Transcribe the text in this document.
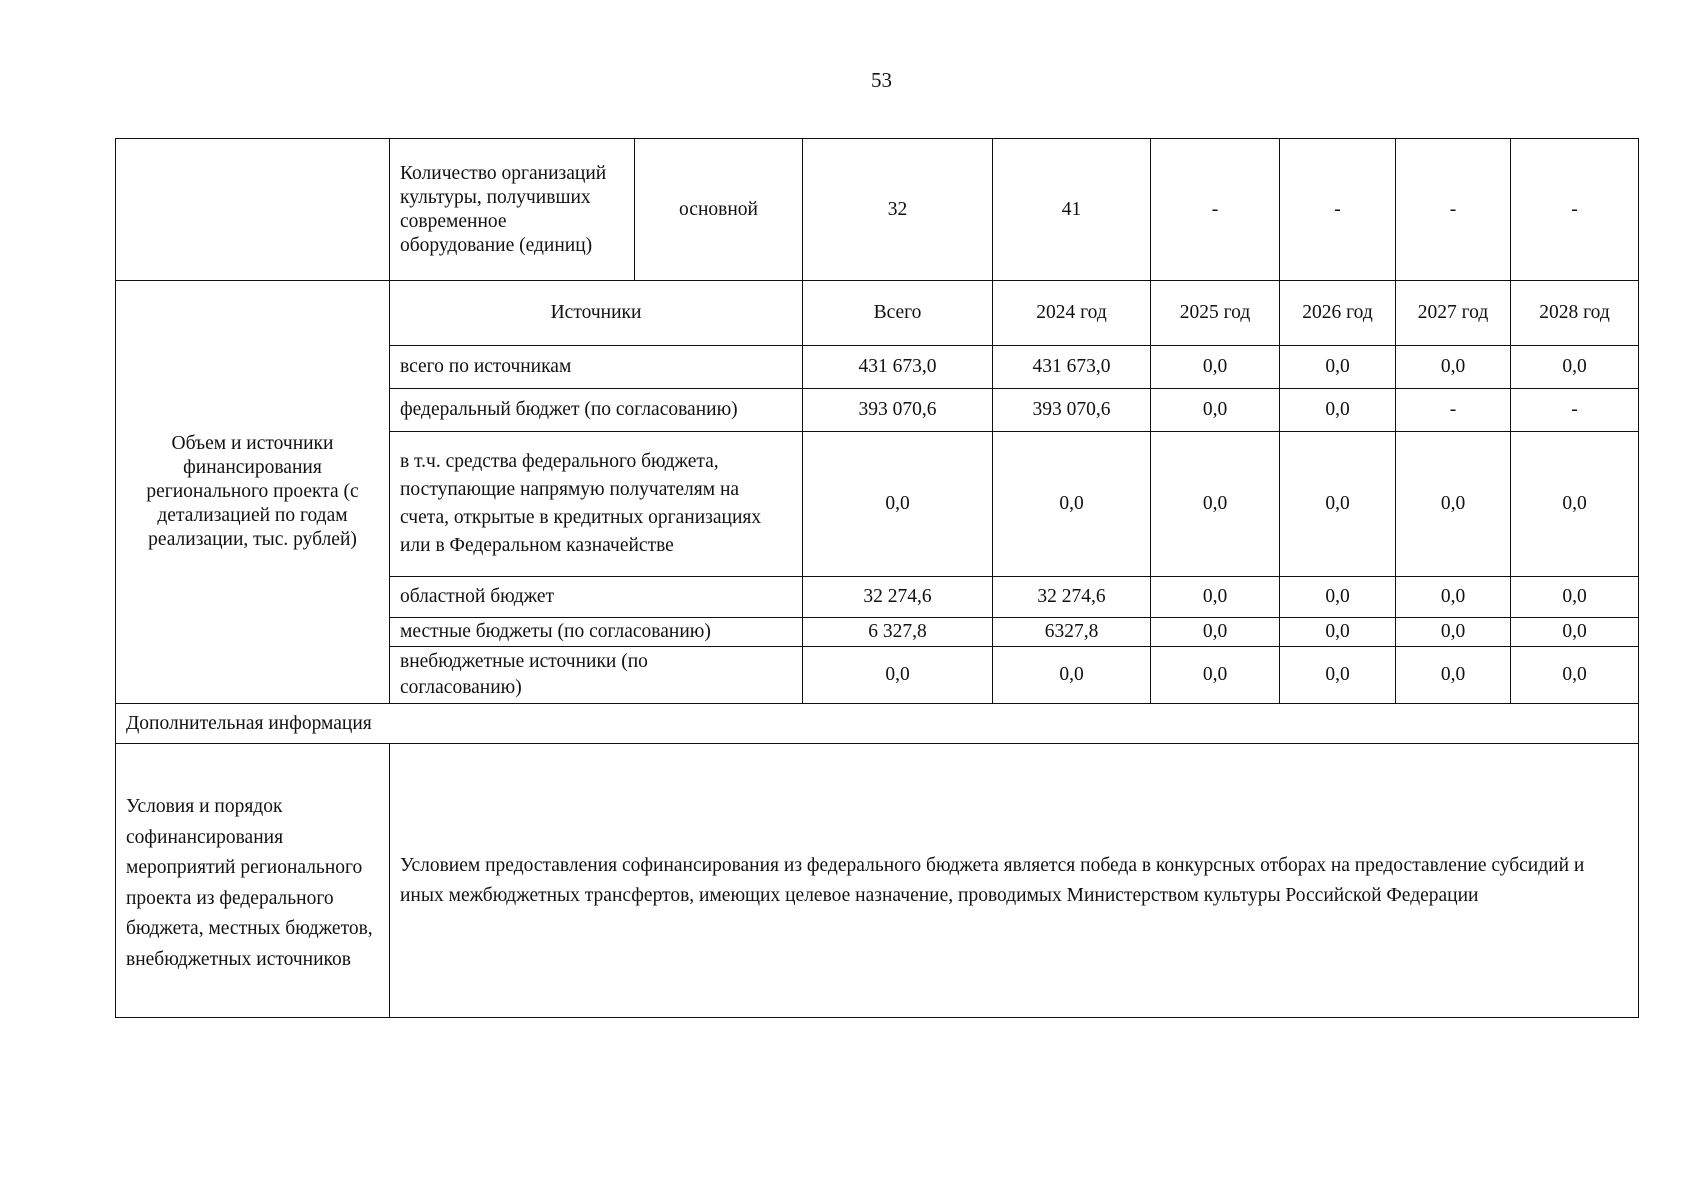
53
	Количество организаций культуры, получивших современное оборудование (единиц)	основной	32	41	-	-	-	-
Объем и источники финансирования регионального проекта (с детализацией по годам реализации, тыс. рублей)	Источники		Всего	2024 год	2025 год	2026 год	2027 год	2028 год
	всего по источникам		431 673,0	431 673,0	0,0	0,0	0,0	0,0
	федеральный бюджет (по согласованию)		393 070,6	393 070,6	0,0	0,0	-	-
	в т.ч. средства федерального бюджета, поступающие напрямую получателям на счета, открытые в кредитных организациях или в Федеральном казначействе		0,0	0,0	0,0	0,0	0,0	0,0
	областной бюджет		32 274,6	32 274,6	0,0	0,0	0,0	0,0
	местные бюджеты (по согласованию)		6 327,8	6327,8	0,0	0,0	0,0	0,0
	внебюджетные источники (по согласованию)		0,0	0,0	0,0	0,0	0,0	0,0
Дополнительная информация								
Условия и порядок софинансирования мероприятий регионального проекта из федерального бюджета, местных бюджетов, внебюджетных источников	Условием предоставления софинансирования из федерального бюджета является победа в конкурсных отборах на предоставление субсидий и иных межбюджетных трансфертов, имеющих целевое назначение, проводимых Министерством культуры Российской Федерации							
